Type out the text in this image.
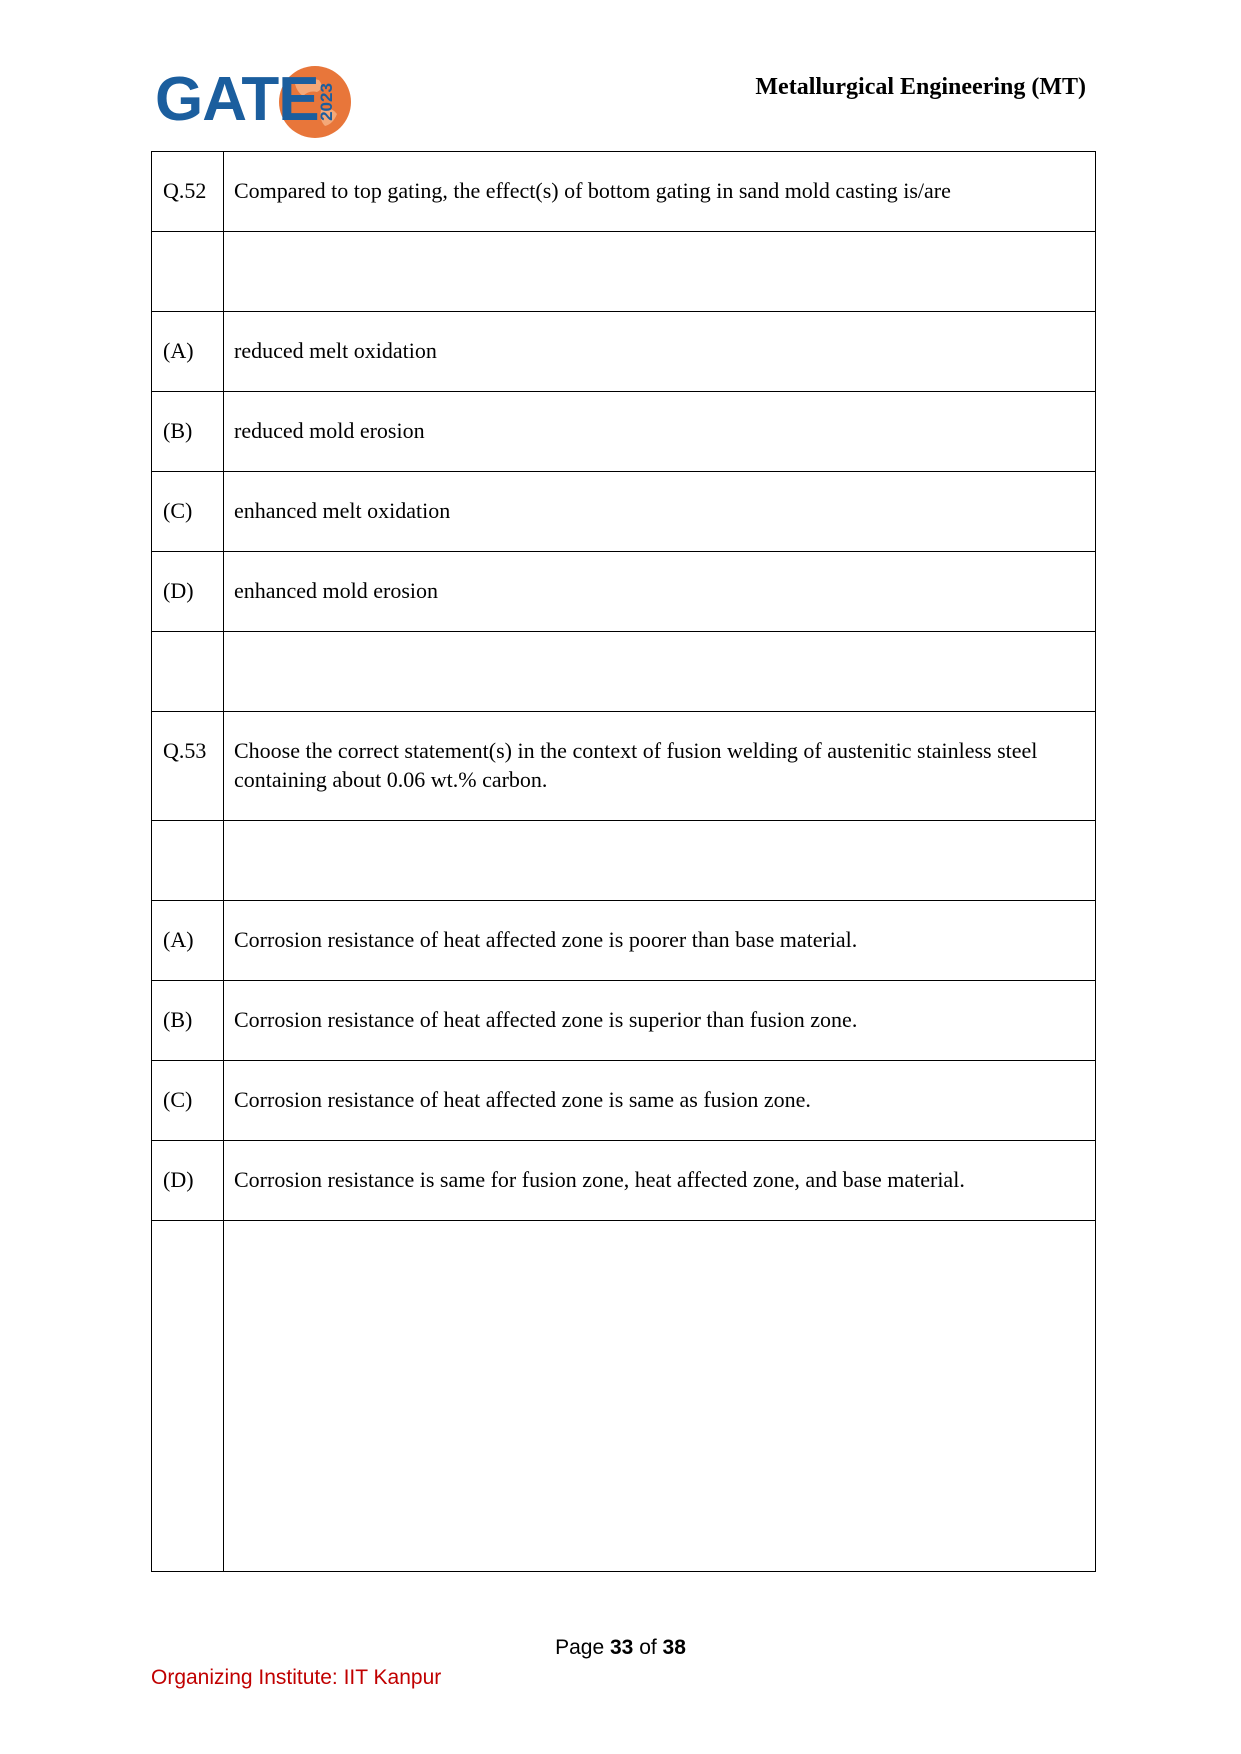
2023
GATE	Metallurgical Engineering (MT)
Q.52	Compared to top gating, the effect(s) of bottom gating in sand mold casting is/are

(A)	reduced melt oxidation
(B)	reduced mold erosion
(C)	enhanced melt oxidation
(D)	enhanced mold erosion

Q.53	Choose the correct statement(s) in the context of fusion welding of austenitic stainless steel containing about 0.06 wt.% carbon.

(A)	Corrosion resistance of heat affected zone is poorer than base material.
(B)	Corrosion resistance of heat affected zone is superior than fusion zone.
(C)	Corrosion resistance of heat affected zone is same as fusion zone.
(D)	Corrosion resistance is same for fusion zone, heat affected zone, and base material.

Page 33 of 38
Organizing Institute: IIT Kanpur
